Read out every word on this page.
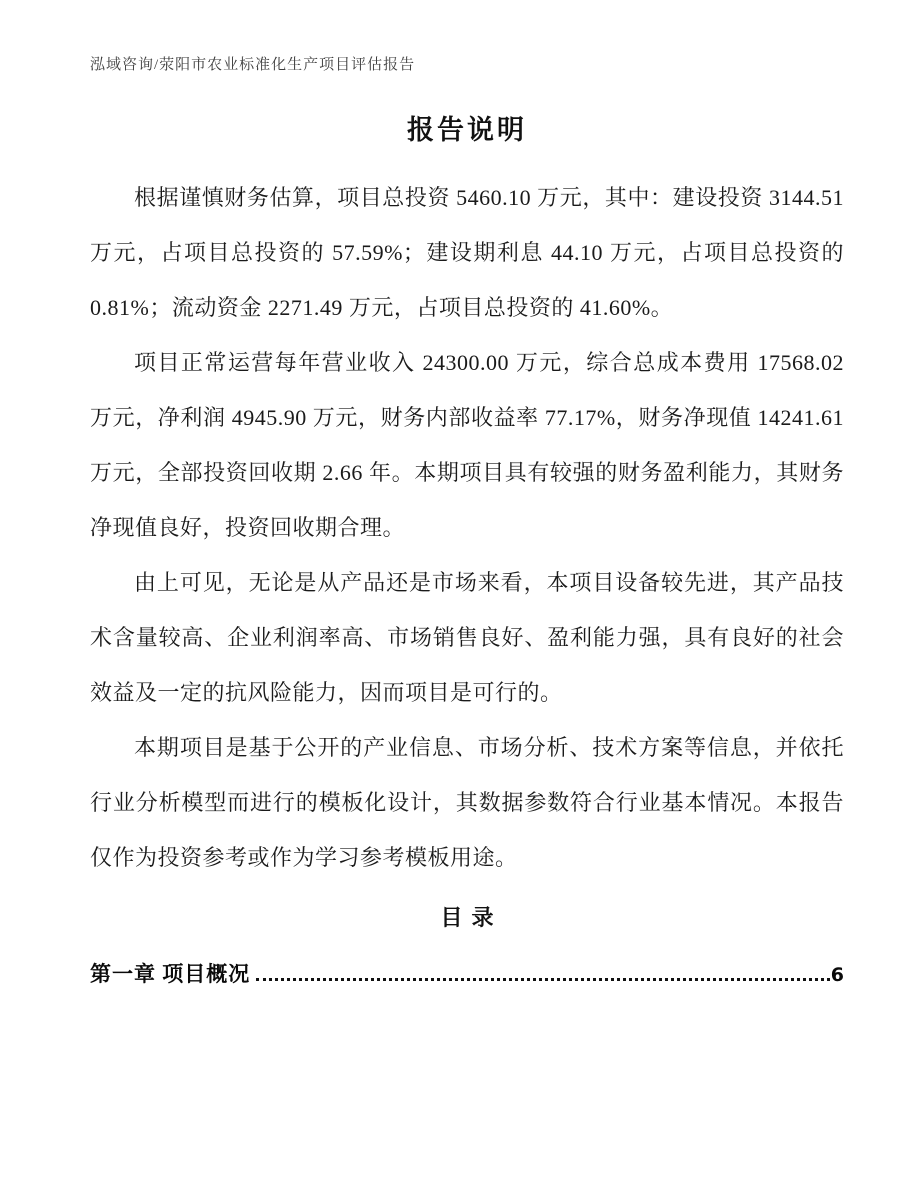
泓域咨询/荥阳市农业标准化生产项目评估报告
报告说明

根据谨慎财务估算，项目总投资 5460.10 万元，其中：建设投资 3144.51 万元，占项目总投资的 57.59%；建设期利息 44.10 万元，占项目总投资的 0.81%；流动资金 2271.49 万元，占项目总投资的 41.60%。

项目正常运营每年营业收入 24300.00 万元，综合总成本费用 17568.02 万元，净利润 4945.90 万元，财务内部收益率 77.17%，财务净现值 14241.61 万元，全部投资回收期 2.66 年。本期项目具有较强的财务盈利能力，其财务净现值良好，投资回收期合理。

由上可见，无论是从产品还是市场来看，本项目设备较先进，其产品技术含量较高、企业利润率高、市场销售良好、盈利能力强，具有良好的社会效益及一定的抗风险能力，因而项目是可行的。

本期项目是基于公开的产业信息、市场分析、技术方案等信息，并依托行业分析模型而进行的模板化设计，其数据参数符合行业基本情况。本报告仅作为投资参考或作为学习参考模板用途。

目录
第一章 项目概况	6
